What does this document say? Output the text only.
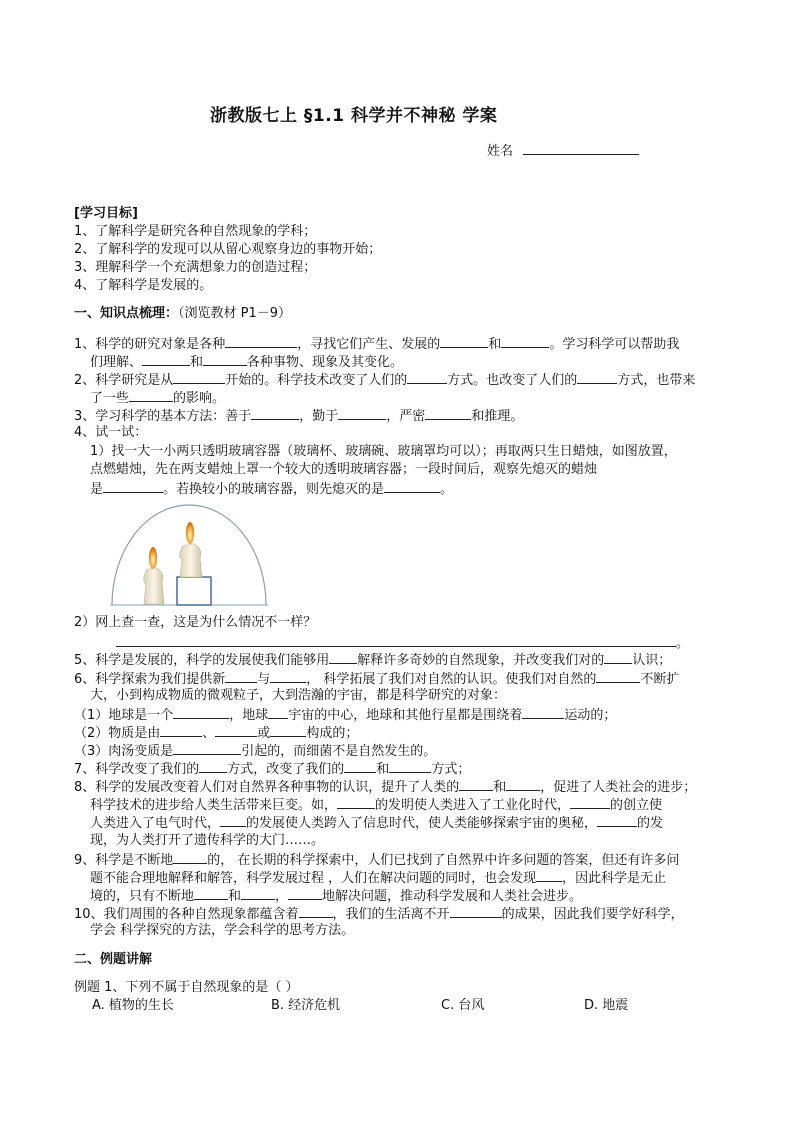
浙教版七上 §1.1 科学并不神秘 学案
姓名
[学习目标]
1、了解科学是研究各种自然现象的学科；
2、了解科学的发现可以从留心观察身边的事物开始；
3、理解科学一个充满想象力的创造过程；
4、了解科学是发展的。
一、知识点梳理：（浏览教材 P1－9）
1、科学的研究对象是各种	，寻找它们产生、发展的	和	。学习科学可以帮助我
们理解、	和	各种事物、现象及其变化。
2、科学研究是从	开始的。科学技术改变了人们的	方式。也改变了人们的	方式，也带来
了一些	的影响。
3、学习科学的基本方法：善于	，勤于	，严密	和推理。
4、试一试：
1）找一大一小两只透明玻璃容器（玻璃杯、玻璃碗、玻璃罩均可以）；再取两只生日蜡烛，如图放置，
点燃蜡烛，先在两支蜡烛上罩一个较大的透明玻璃容器；一段时间后，观察先熄灭的蜡烛
是	。若换较小的玻璃容器，则先熄灭的是	。
2）网上查一查，这是为什么情况不一样？
。
5、科学是发展的，科学的发展使我们能够用 解释许多奇妙的自然现象，并改变我们对的 认识；
6、科学探索为我们提供新 与	， 科学拓展了我们对自然的认识。使我们对自然的	不断扩
大，小到构成物质的微观粒子，大到浩瀚的宇宙，都是科学研究的对象：
（1）地球是一个	，地球 宇宙的中心，地球和其他行星都是围绕着	运动的；
（2）物质是由	、	或	构成的；
（3）肉汤变质是	引起的，而细菌不是自然发生的。
7、科学改变了我们的 方式，改变了我们的 和	方式；
8、科学的发展改变着人们对自然界各种事物的认识，提升了人类的	和	，促进了人类社会的进步；
科学技术的进步给人类生活带来巨变。如，	的发明使人类进入了工业化时代，	的创立使
人类进入了电气时代， 的发展使人类跨入了信息时代，使人类能够探索宇宙的奥秘，	的发
现，为人类打开了遗传科学的大门……。
9、科学是不断地	的， 在长期的科学探索中，人们已找到了自然界中许多问题的答案，但还有许多问
题不能合理地解释和解答，科学发展过程 ，人们在解决问题的同时，也会发现 ，因此科学是无止
境的，只有不断地	和	，	地解决问题，推动科学发展和人类社会进步。
10、我们周围的各种自然现象都蕴含着	，我们的生活离不开	的成果，因此我们要学好科学，
学会 科学探究的方法，学会科学的思考方法。
二、例题讲解
例题 1、下列不属于自然现象的是（ ）
A. 植物的生长	B. 经济危机	C. 台风	D. 地震
